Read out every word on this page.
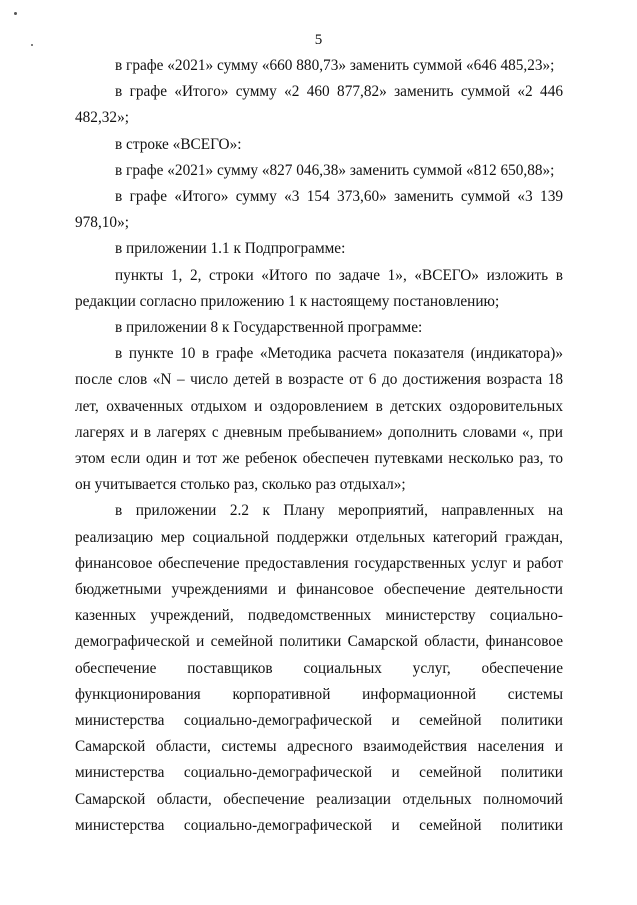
5

в графе «2021» сумму «660 880,73» заменить суммой «646 485,23»;

в графе «Итого» сумму «2 460 877,82» заменить суммой «2 446 482,32»;

в строке «ВСЕГО»:

в графе «2021» сумму «827 046,38» заменить суммой «812 650,88»;

в графе «Итого» сумму «3 154 373,60» заменить суммой «3 139 978,10»;

в приложении 1.1 к Подпрограмме:

пункты 1, 2, строки «Итого по задаче 1», «ВСЕГО» изложить в редакции согласно приложению 1 к настоящему постановлению;

в приложении 8 к Государственной программе:

в пункте 10 в графе «Методика расчета показателя (индикатора)» после слов «N – число детей в возрасте от 6 до достижения возраста 18 лет, охваченных отдыхом и оздоровлением в детских оздоровительных лагерях и в лагерях с дневным пребыванием» дополнить словами «, при этом если один и тот же ребенок обеспечен путевками несколько раз, то он учитывается столько раз, сколько раз отдыхал»;

в приложении 2.2 к Плану мероприятий, направленных на реализацию мер социальной поддержки отдельных категорий граждан, финансовое обеспечение предоставления государственных услуг и работ бюджетными учреждениями и финансовое обеспечение деятельности казенных учреждений, подведомственных министерству социально-демографической и семейной политики Самарской области, финансовое обеспечение поставщиков социальных услуг, обеспечение функционирования корпоративной информационной системы министерства социально-демографической и семейной политики Самарской области, системы адресного взаимодействия населения и министерства социально-демографической и семейной политики Самарской области, обеспечение реализации отдельных полномочий министерства социально-демографической и семейной политики
